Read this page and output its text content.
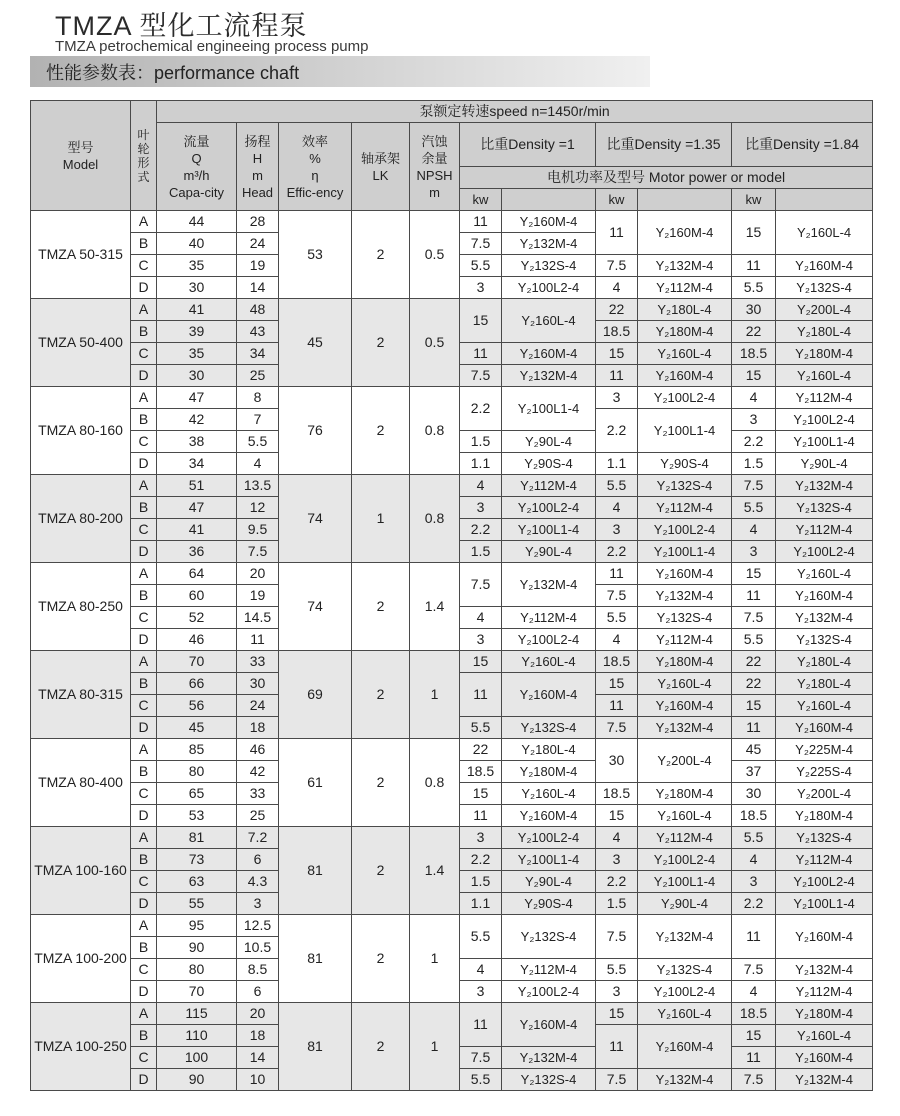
TMZA 型化工流程泵
TMZA petrochemical engineeing process pump
性能参数表：performance chaft
型号
Model	叶
轮
形
式	泵额定转速speed n=1450r/min										
		流量
Q
m³/h
Capa-city	扬程
H
m
Head	效率
%
η
Effic-ency	轴承架
LK	汽蚀
余量
NPSH
m	比重Density =1		比重Density =1.35		比重Density =1.84	
							电机功率及型号 Motor power or model					
							kw		kw		kw	
TMZA 50-315	A	44	28	53	2	0.5	11	Y₂160M-4	11	Y₂160M-4	15	Y₂160L-4
	B	40	24				7.5	Y₂132M-4				
	C	35	19				5.5	Y₂132S-4	7.5	Y₂132M-4	11	Y₂160M-4
	D	30	14				3	Y₂100L2-4	4	Y₂112M-4	5.5	Y₂132S-4
TMZA 50-400	A	41	48	45	2	0.5	15	Y₂160L-4	22	Y₂180L-4	30	Y₂200L-4
	B	39	43						18.5	Y₂180M-4	22	Y₂180L-4
	C	35	34				11	Y₂160M-4	15	Y₂160L-4	18.5	Y₂180M-4
	D	30	25				7.5	Y₂132M-4	11	Y₂160M-4	15	Y₂160L-4
TMZA 80-160	A	47	8	76	2	0.8	2.2	Y₂100L1-4	3	Y₂100L2-4	4	Y₂112M-4
	B	42	7						2.2	Y₂100L1-4	3	Y₂100L2-4
	C	38	5.5				1.5	Y₂90L-4			2.2	Y₂100L1-4
	D	34	4				1.1	Y₂90S-4	1.1	Y₂90S-4	1.5	Y₂90L-4
TMZA 80-200	A	51	13.5	74	1	0.8	4	Y₂112M-4	5.5	Y₂132S-4	7.5	Y₂132M-4
	B	47	12				3	Y₂100L2-4	4	Y₂112M-4	5.5	Y₂132S-4
	C	41	9.5				2.2	Y₂100L1-4	3	Y₂100L2-4	4	Y₂112M-4
	D	36	7.5				1.5	Y₂90L-4	2.2	Y₂100L1-4	3	Y₂100L2-4
TMZA 80-250	A	64	20	74	2	1.4	7.5	Y₂132M-4	11	Y₂160M-4	15	Y₂160L-4
	B	60	19						7.5	Y₂132M-4	11	Y₂160M-4
	C	52	14.5				4	Y₂112M-4	5.5	Y₂132S-4	7.5	Y₂132M-4
	D	46	11				3	Y₂100L2-4	4	Y₂112M-4	5.5	Y₂132S-4
TMZA 80-315	A	70	33	69	2	1	15	Y₂160L-4	18.5	Y₂180M-4	22	Y₂180L-4
	B	66	30				11	Y₂160M-4	15	Y₂160L-4	22	Y₂180L-4
	C	56	24						11	Y₂160M-4	15	Y₂160L-4
	D	45	18				5.5	Y₂132S-4	7.5	Y₂132M-4	11	Y₂160M-4
TMZA 80-400	A	85	46	61	2	0.8	22	Y₂180L-4	30	Y₂200L-4	45	Y₂225M-4
	B	80	42				18.5	Y₂180M-4			37	Y₂225S-4
	C	65	33				15	Y₂160L-4	18.5	Y₂180M-4	30	Y₂200L-4
	D	53	25				11	Y₂160M-4	15	Y₂160L-4	18.5	Y₂180M-4
TMZA 100-160	A	81	7.2	81	2	1.4	3	Y₂100L2-4	4	Y₂112M-4	5.5	Y₂132S-4
	B	73	6				2.2	Y₂100L1-4	3	Y₂100L2-4	4	Y₂112M-4
	C	63	4.3				1.5	Y₂90L-4	2.2	Y₂100L1-4	3	Y₂100L2-4
	D	55	3				1.1	Y₂90S-4	1.5	Y₂90L-4	2.2	Y₂100L1-4
TMZA 100-200	A	95	12.5	81	2	1	5.5	Y₂132S-4	7.5	Y₂132M-4	11	Y₂160M-4
	B	90	10.5									
	C	80	8.5				4	Y₂112M-4	5.5	Y₂132S-4	7.5	Y₂132M-4
	D	70	6				3	Y₂100L2-4	3	Y₂100L2-4	4	Y₂112M-4
TMZA 100-250	A	115	20	81	2	1	11	Y₂160M-4	15	Y₂160L-4	18.5	Y₂180M-4
	B	110	18						11	Y₂160M-4	15	Y₂160L-4
	C	100	14				7.5	Y₂132M-4			11	Y₂160M-4
	D	90	10				5.5	Y₂132S-4	7.5	Y₂132M-4	7.5	Y₂132M-4
